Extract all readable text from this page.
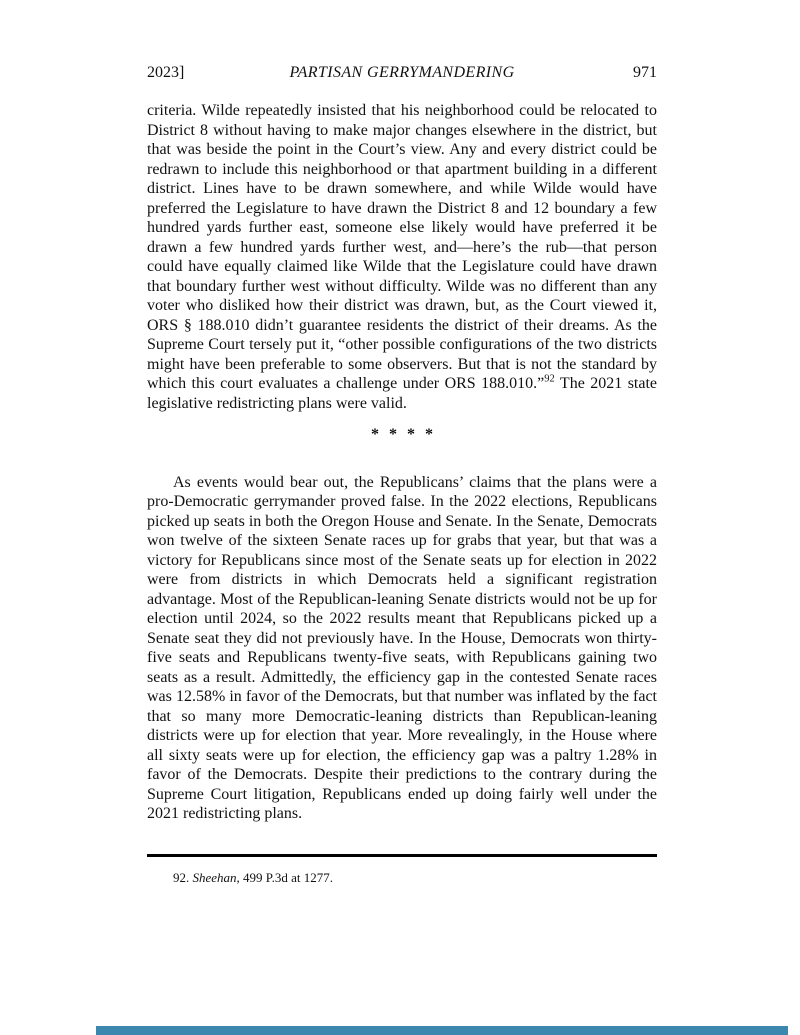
2023]	PARTISAN GERRYMANDERING	971
criteria. Wilde repeatedly insisted that his neighborhood could be relocated to
District 8 without having to make major changes elsewhere in the district, but
that was beside the point in the Court’s view. Any and every district could be
redrawn to include this neighborhood or that apartment building in a different
district. Lines have to be drawn somewhere, and while Wilde would have
preferred the Legislature to have drawn the District 8 and 12 boundary a few
hundred yards further east, someone else likely would have preferred it be
drawn a few hundred yards further west, and—here’s the rub—that person
could have equally claimed like Wilde that the Legislature could have drawn
that boundary further west without difficulty. Wilde was no different than any
voter who disliked how their district was drawn, but, as the Court viewed it,
ORS § 188.010 didn’t guarantee residents the district of their dreams. As the
Supreme Court tersely put it, “other possible configurations of the two districts
might have been preferable to some observers. But that is not the standard by
which this court evaluates a challenge under ORS 188.010.”$^{92}$ The 2021 state
legislative redistricting plans were valid.
* * * *
As events would bear out, the Republicans’ claims that the plans were a
pro-Democratic gerrymander proved false. In the 2022 elections, Republicans
picked up seats in both the Oregon House and Senate. In the Senate, Democrats
won twelve of the sixteen Senate races up for grabs that year, but that was a
victory for Republicans since most of the Senate seats up for election in 2022
were from districts in which Democrats held a significant registration
advantage. Most of the Republican-leaning Senate districts would not be up for
election until 2024, so the 2022 results meant that Republicans picked up a
Senate seat they did not previously have. In the House, Democrats won thirty-
five seats and Republicans twenty-five seats, with Republicans gaining two
seats as a result. Admittedly, the efficiency gap in the contested Senate races
was 12.58% in favor of the Democrats, but that number was inflated by the fact
that so many more Democratic-leaning districts than Republican-leaning
districts were up for election that year. More revealingly, in the House where
all sixty seats were up for election, the efficiency gap was a paltry 1.28% in
favor of the Democrats. Despite their predictions to the contrary during the
Supreme Court litigation, Republicans ended up doing fairly well under the
2021 redistricting plans.
92. Sheehan, 499 P.3d at 1277.
